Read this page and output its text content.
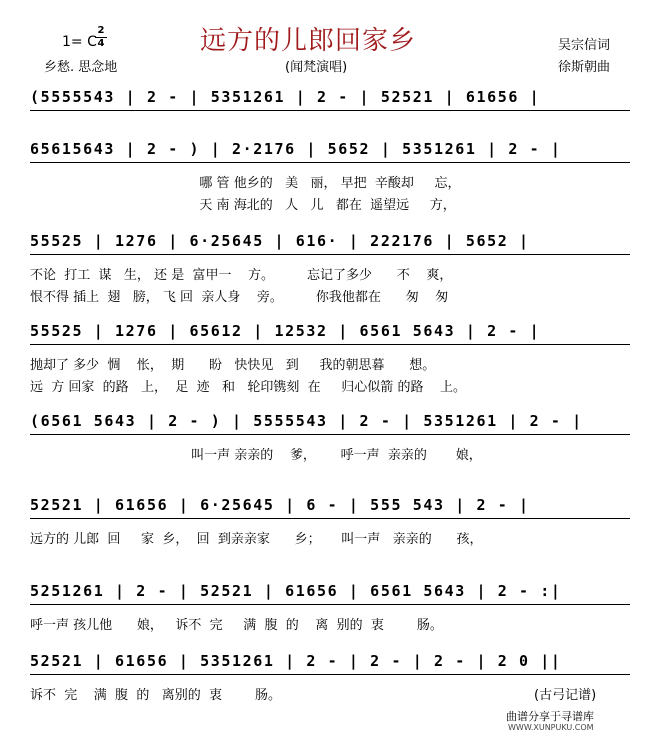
远方的儿郎回家乡
1= C
2
4
乡愁. 思念地	(闻梵演唱)
吴宗信词
徐斯朝曲
(5555543 | 2 - | 5351261 | 2 - | 52521 | 61656 |
65615643 | 2 - ) | 2·2176 | 5652 | 5351261 | 2 - |
哪 管 他乡的   美   丽， 早把  辛酸却     忘，
天 南 海北的   人   儿   都在  遥望远     方，
55525 | 1276 | 6·25645 | 616· | 222176 | 5652 |
不论  打工  谋   生， 还 是  富甲一    方。        忘记了多少      不    爽，
恨不得 插上  翅   膀， 飞 回  亲人身    旁。        你我他都在      匆    匆
55525 | 1276 | 65612 | 12532 | 6561 5643 | 2 - |
抛却了 多少  惆    怅，  期      盼   快快见   到     我的朝思暮      想。
远  方 回家  的路   上，  足  迹   和   轮印镌刻  在     归心似箭 的路    上。
(6561 5643 | 2 - ) | 5555543 | 2 - | 5351261 | 2 - |
叫一声 亲亲的    爹，      呼一声  亲亲的       娘，
52521 | 61656 | 6·25645 | 6 - | 555 543 | 2 - |
远方的 儿郎  回     家  乡，  回  到亲亲家      乡；     叫一声   亲亲的      孩，
5251261 | 2 - | 52521 | 61656 | 6561 5643 | 2 - :|
呼一声 孩儿他      娘，   诉不  完     满  腹  的    离  别的  衷        肠。
52521 | 61656 | 5351261 | 2 - | 2 - | 2 - | 2 0 ||
诉不  完    满  腹  的   离别的  衷        肠。	(古弓记谱)
曲谱分享于寻谱库
WWW.XUNPUKU.COM
